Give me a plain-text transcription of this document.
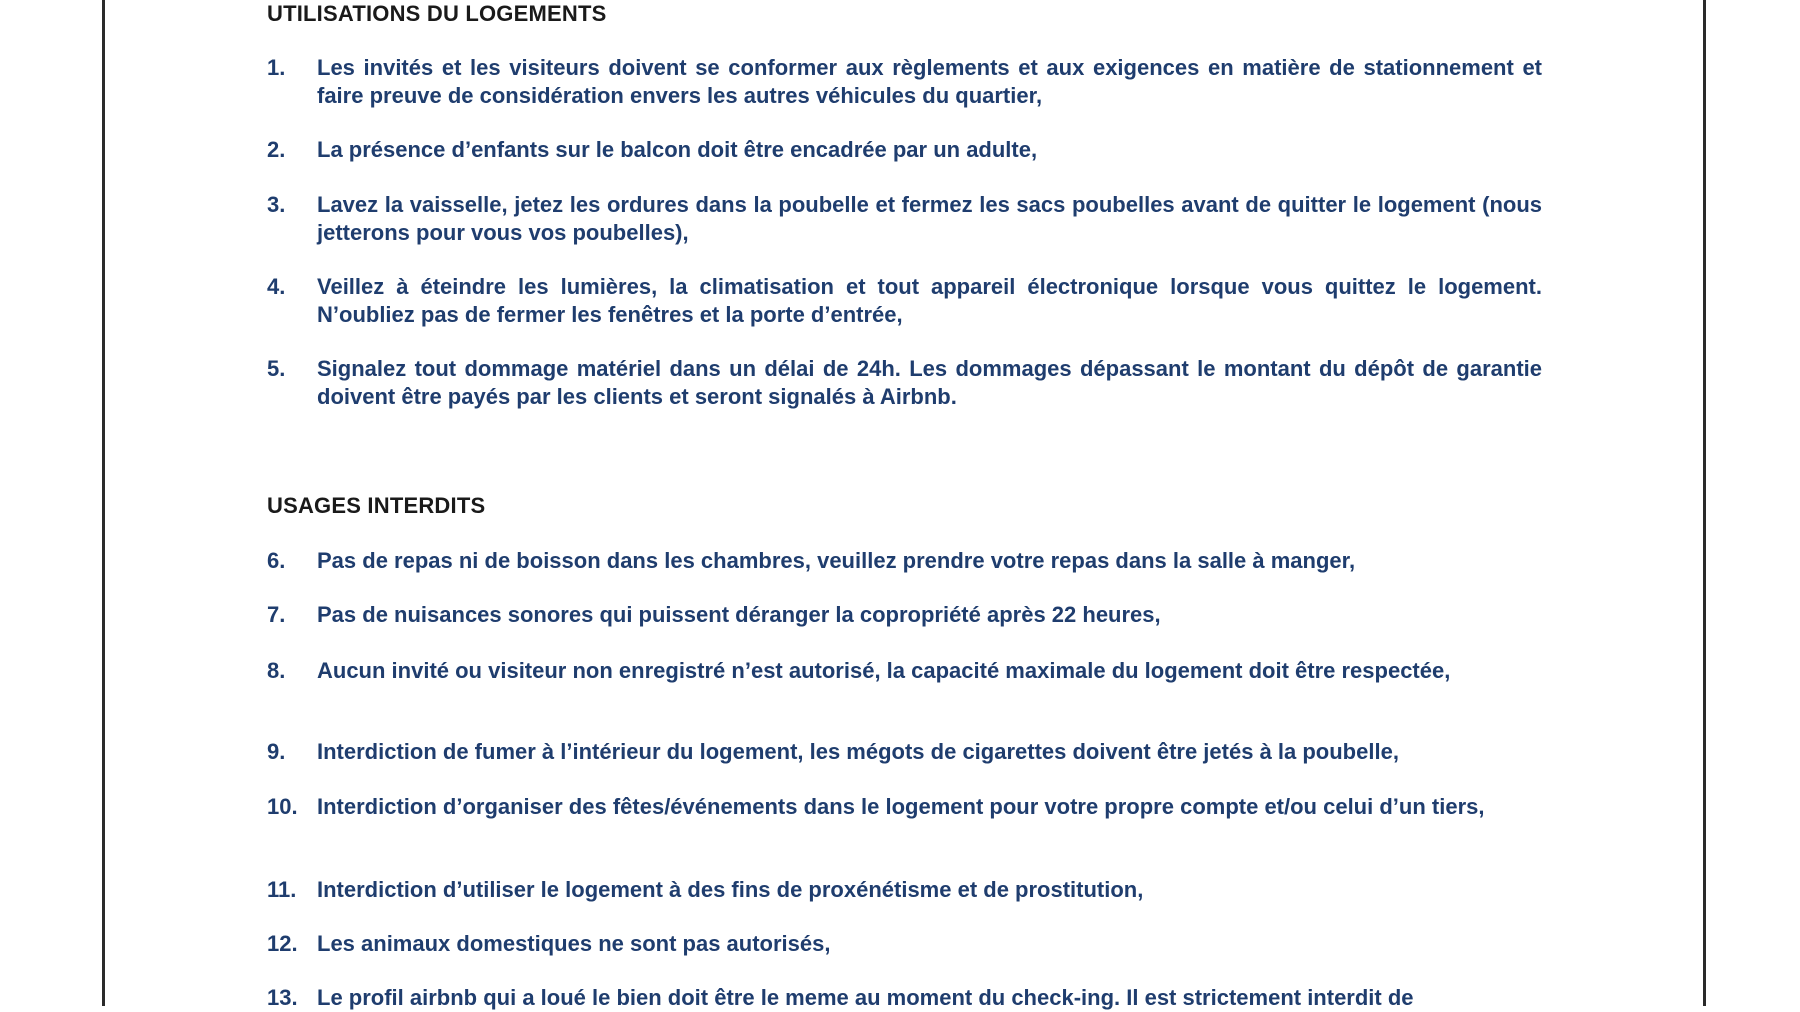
UTILISATIONS DU LOGEMENTS
1.	Les invités et les visiteurs doivent se conformer aux règlements et aux exigences en matière de stationnement et faire preuve de considération envers les autres véhicules du quartier,
2.	La présence d’enfants sur le balcon doit être encadrée par un adulte,
3.	Lavez la vaisselle, jetez les ordures dans la poubelle et fermez les sacs poubelles avant de quitter le logement (nous jetterons pour vous vos poubelles),
4.	Veillez à éteindre les lumières, la climatisation et tout appareil électronique lorsque vous quittez le logement. N’oubliez pas de fermer les fenêtres et la porte d’entrée,
5.	Signalez tout dommage matériel dans un délai de 24h. Les dommages dépassant le montant du dépôt de garantie doivent être payés par les clients et seront signalés à Airbnb.
USAGES INTERDITS
6.	Pas de repas ni de boisson dans les chambres, veuillez prendre votre repas dans la salle à manger,
7.	Pas de nuisances sonores qui puissent déranger la copropriété après 22 heures,
8.	Aucun invité ou visiteur non enregistré n’est autorisé, la capacité maximale du logement doit être respectée,
9.	Interdiction de fumer à l’intérieur du logement, les mégots de cigarettes doivent être jetés à la poubelle,
10. Interdiction d’organiser des fêtes/événements dans le logement pour votre propre compte et/ou celui d’un tiers,
11. Interdiction d’utiliser le logement à des fins de proxénétisme et de prostitution,
12. Les animaux domestiques ne sont pas autorisés,
13. Le profil airbnb qui a loué le bien doit être le meme au moment du check-ing. Il est strictement interdit de
